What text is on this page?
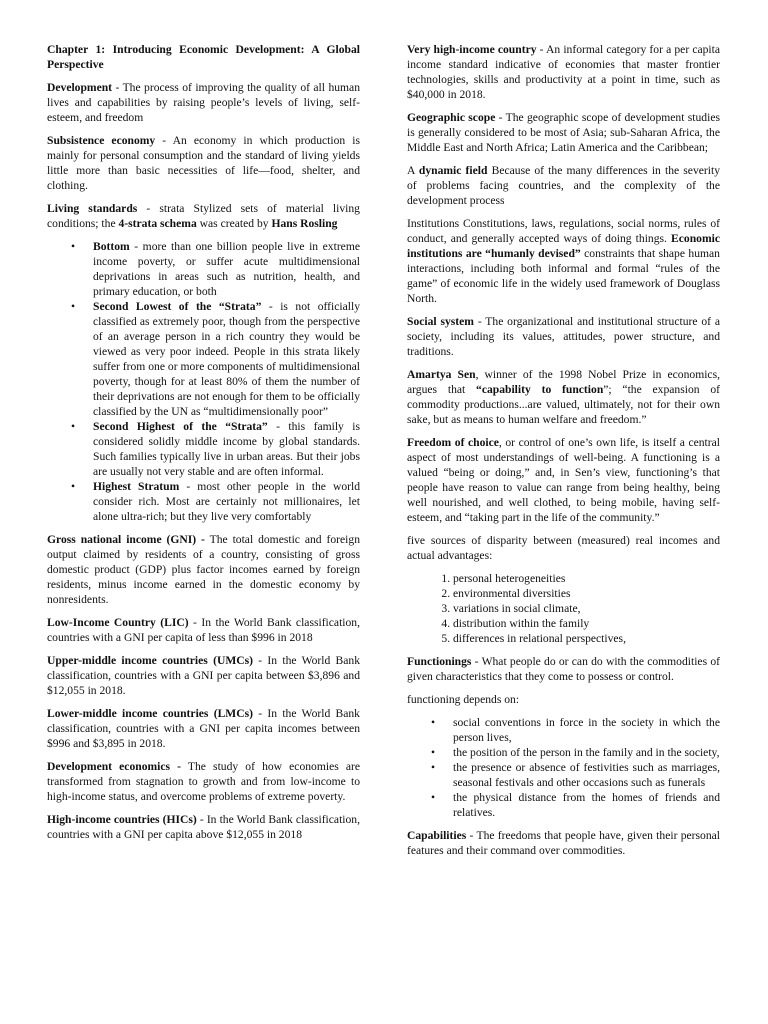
Chapter 1: Introducing Economic Development: A Global Perspective

Development - The process of improving the quality of all human lives and capabilities by raising people’s levels of living, self-esteem, and freedom

Subsistence economy - An economy in which production is mainly for personal consumption and the standard of living yields little more than basic necessities of life—food, shelter, and clothing.

Living standards - strata Stylized sets of material living conditions; the 4-strata schema was created by Hans Rosling

• Bottom - more than one billion people live in extreme income poverty, or suffer acute multidimensional deprivations in areas such as nutrition, health, and primary education, or both
• Second Lowest of the “Strata” - is not officially classified as extremely poor, though from the perspective of an average person in a rich country they would be viewed as very poor indeed. People in this strata likely suffer from one or more components of multidimensional poverty, though for at least 80% of them the number of their deprivations are not enough for them to be officially classified by the UN as “multidimensionally poor”
• Second Highest of the “Strata” - this family is considered solidly middle income by global standards. Such families typically live in urban areas. But their jobs are usually not very stable and are often informal.
• Highest Stratum - most other people in the world consider rich. Most are certainly not millionaires, let alone ultra-rich; but they live very comfortably

Gross national income (GNI) - The total domestic and foreign output claimed by residents of a country, consisting of gross domestic product (GDP) plus factor incomes earned by foreign residents, minus income earned in the domestic economy by nonresidents.

Low-Income Country (LIC) - In the World Bank classification, countries with a GNI per capita of less than $996 in 2018

Upper-middle income countries (UMCs) - In the World Bank classification, countries with a GNI per capita between $3,896 and $12,055 in 2018.

Lower-middle income countries (LMCs) - In the World Bank classification, countries with a GNI per capita incomes between $996 and $3,895 in 2018.

Development economics - The study of how economies are transformed from stagnation to growth and from low-income to high-income status, and overcome problems of extreme poverty.

High-income countries (HICs) - In the World Bank classification, countries with a GNI per capita above $12,055 in 2018

Very high-income country - An informal category for a per capita income standard indicative of economies that master frontier technologies, skills and productivity at a point in time, such as $40,000 in 2018.

Geographic scope - The geographic scope of development studies is generally considered to be most of Asia; sub-Saharan Africa, the Middle East and North Africa; Latin America and the Caribbean;

A dynamic field Because of the many differences in the severity of problems facing countries, and the complexity of the development process

Institutions Constitutions, laws, regulations, social norms, rules of conduct, and generally accepted ways of doing things. Economic institutions are “humanly devised” constraints that shape human interactions, including both informal and formal “rules of the game” of economic life in the widely used framework of Douglass North.

Social system - The organizational and institutional structure of a society, including its values, attitudes, power structure, and traditions.

Amartya Sen, winner of the 1998 Nobel Prize in economics, argues that “capability to function”; “the expansion of commodity productions...are valued, ultimately, not for their own sake, but as means to human welfare and freedom.”

Freedom of choice, or control of one’s own life, is itself a central aspect of most understandings of well-being. A functioning is a valued “being or doing,” and, in Sen’s view, functioning’s that people have reason to value can range from being healthy, being well nourished, and well clothed, to being mobile, having self-esteem, and “taking part in the life of the community.”

five sources of disparity between (measured) real incomes and actual advantages:

1. personal heterogeneities
2. environmental diversities
3. variations in social climate,
4. distribution within the family
5. differences in relational perspectives,

Functionings - What people do or can do with the commodities of given characteristics that they come to possess or control.

functioning depends on:

• social conventions in force in the society in which the person lives,
• the position of the person in the family and in the society,
• the presence or absence of festivities such as marriages, seasonal festivals and other occasions such as funerals
• the physical distance from the homes of friends and relatives.

Capabilities - The freedoms that people have, given their personal features and their command over commodities.
